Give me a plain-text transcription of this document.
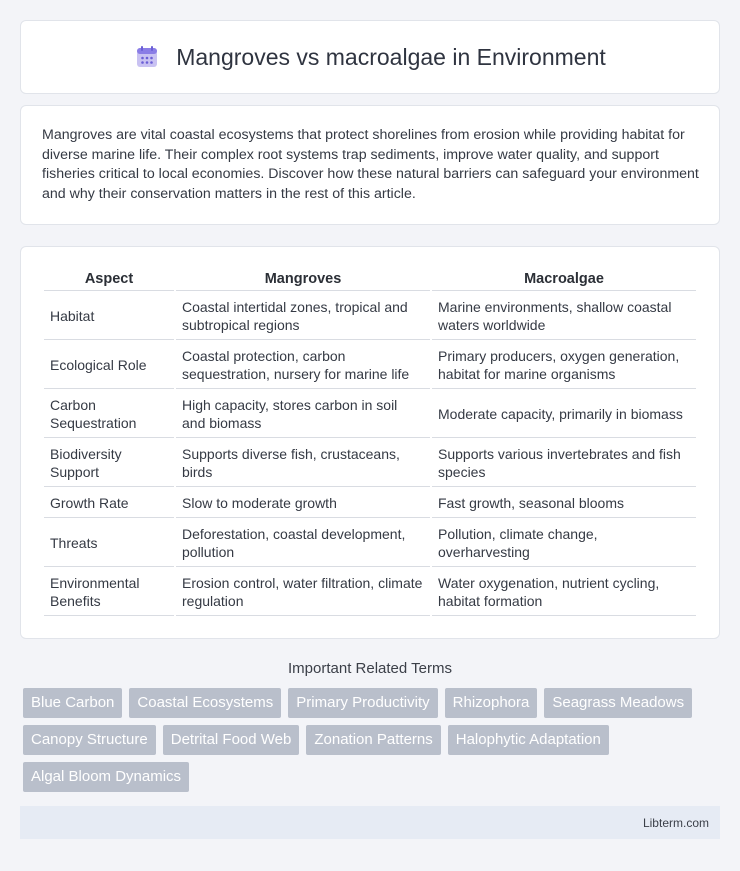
Mangroves vs macroalgae in Environment

Mangroves are vital coastal ecosystems that protect shorelines from erosion while providing habitat for diverse marine life. Their complex root systems trap sediments, improve water quality, and support fisheries critical to local economies. Discover how these natural barriers can safeguard your environment and why their conservation matters in the rest of this article.

Aspect	Mangroves	Macroalgae
Habitat	Coastal intertidal zones, tropical and subtropical regions	Marine environments, shallow coastal waters worldwide
Ecological Role	Coastal protection, carbon sequestration, nursery for marine life	Primary producers, oxygen generation, habitat for marine organisms
Carbon Sequestration	High capacity, stores carbon in soil and biomass	Moderate capacity, primarily in biomass
Biodiversity Support	Supports diverse fish, crustaceans, birds	Supports various invertebrates and fish species
Growth Rate	Slow to moderate growth	Fast growth, seasonal blooms
Threats	Deforestation, coastal development, pollution	Pollution, climate change, overharvesting
Environmental Benefits	Erosion control, water filtration, climate regulation	Water oxygenation, nutrient cycling, habitat formation
Important Related Terms
Blue Carbon	Coastal Ecosystems	Primary Productivity	Rhizophora	Seagrass Meadows
Canopy Structure	Detrital Food Web	Zonation Patterns	Halophytic Adaptation
Algal Bloom Dynamics
Libterm.com
